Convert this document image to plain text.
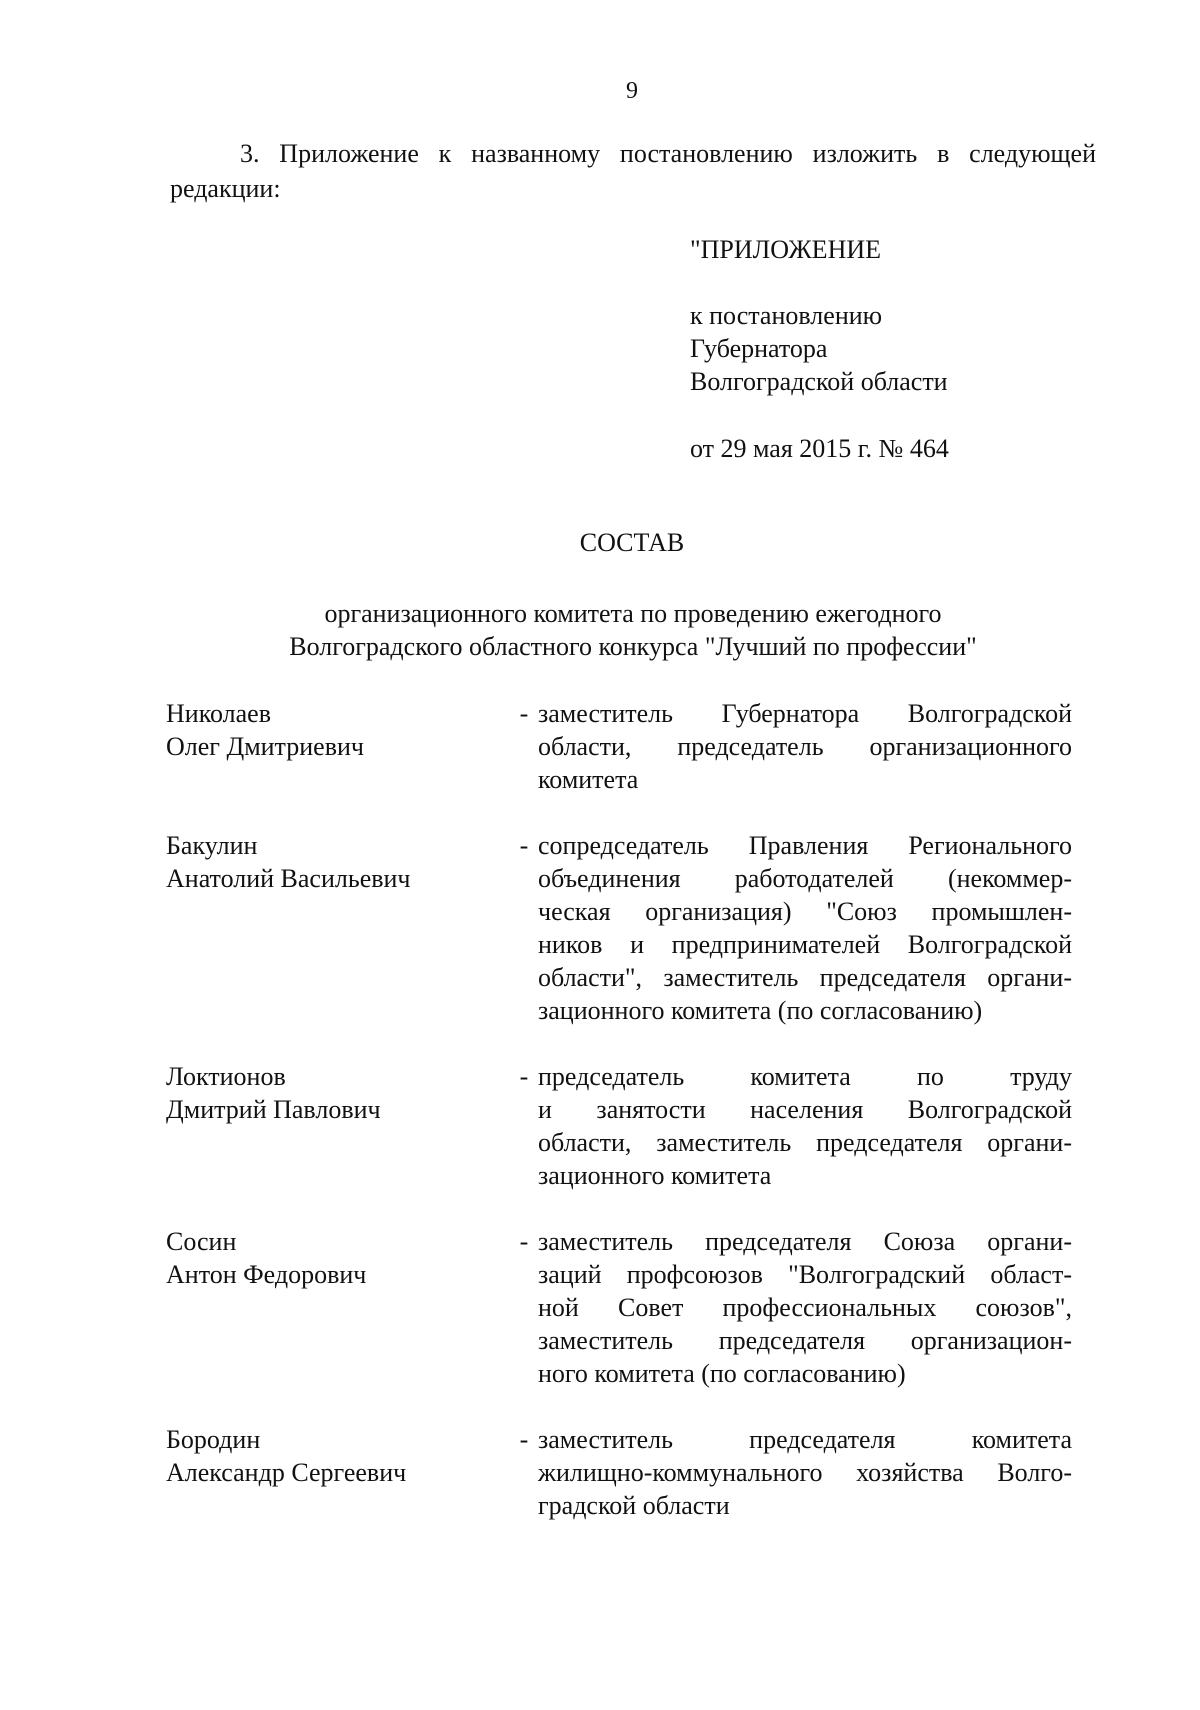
9
3. Приложение к названному постановлению изложить в следующей редакции:
"ПРИЛОЖЕНИЕ
к постановлению
Губернатора
Волгоградской области
от 29 мая 2015 г. № 464
СОСТАВ
организационного комитета по проведению ежегодного
Волгоградского областного конкурса "Лучший по профессии"
Николаев
Олег Дмитриевич
- заместитель Губернатора Волгоградской
области, председатель организационного
комитета
Бакулин
Анатолий Васильевич
- сопредседатель Правления Регионального
объединения работодателей (некоммер-
ческая организация) "Союз промышлен-
ников и предпринимателей Волгоградской
области", заместитель председателя органи-
зационного комитета (по согласованию)
Локтионов
Дмитрий Павлович
- председатель комитета по труду
и занятости населения Волгоградской
области, заместитель председателя органи-
зационного комитета
Сосин
Антон Федорович
- заместитель председателя Союза органи-
заций профсоюзов "Волгоградский област-
ной Совет профессиональных союзов",
заместитель председателя организацион-
ного комитета (по согласованию)
Бородин
Александр Сергеевич
- заместитель председателя комитета
жилищно-коммунального хозяйства Волго-
градской области
